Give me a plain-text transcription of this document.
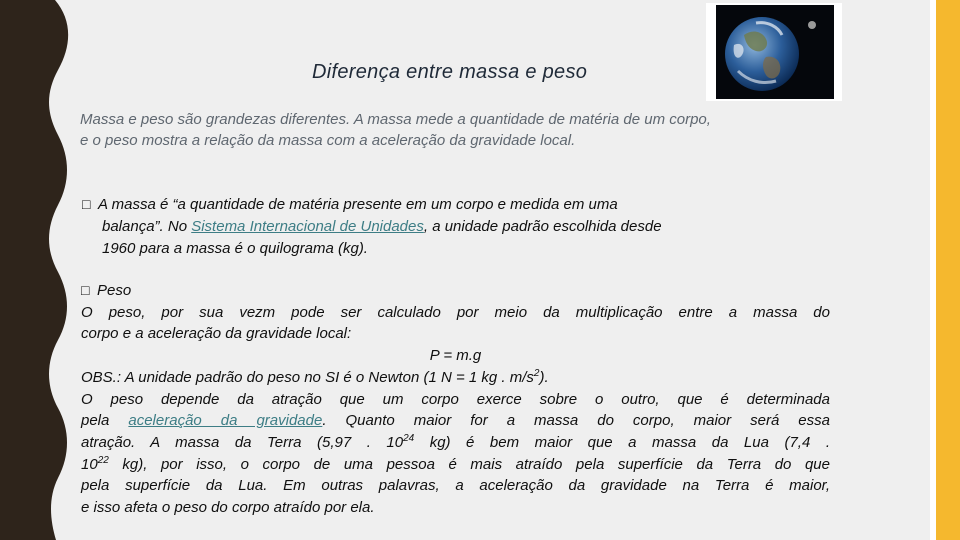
Diferença entre massa e peso
Massa e peso são grandezas diferentes. A massa mede a quantidade de matéria de um corpo,
e o peso mostra a relação da massa com a aceleração da gravidade local.
□ A massa é “a quantidade de matéria presente em um corpo e medida em uma
balança”. No Sistema Internacional de Unidades, a unidade padrão escolhida desde
1960 para a massa é o quilograma (kg).
□ Peso
O peso, por sua vezm pode ser calculado por meio da multiplicação entre a massa do
corpo e a aceleração da gravidade local:
P = m.g
OBS.: A unidade padrão do peso no SI é o Newton (1 N = 1 kg . $m/s^2$).
O peso depende da atração que um corpo exerce sobre o outro, que é determinada
pela aceleração da gravidade. Quanto maior for a massa do corpo, maior será essa
atração. A massa da Terra (5,97 . $10^{24}$ kg) é bem maior que a massa da Lua (7,4 .
$10^{22}$ kg), por isso, o corpo de uma pessoa é mais atraído pela superfície da Terra do que
pela superfície da Lua. Em outras palavras, a aceleração da gravidade na Terra é maior,
e isso afeta o peso do corpo atraído por ela.
